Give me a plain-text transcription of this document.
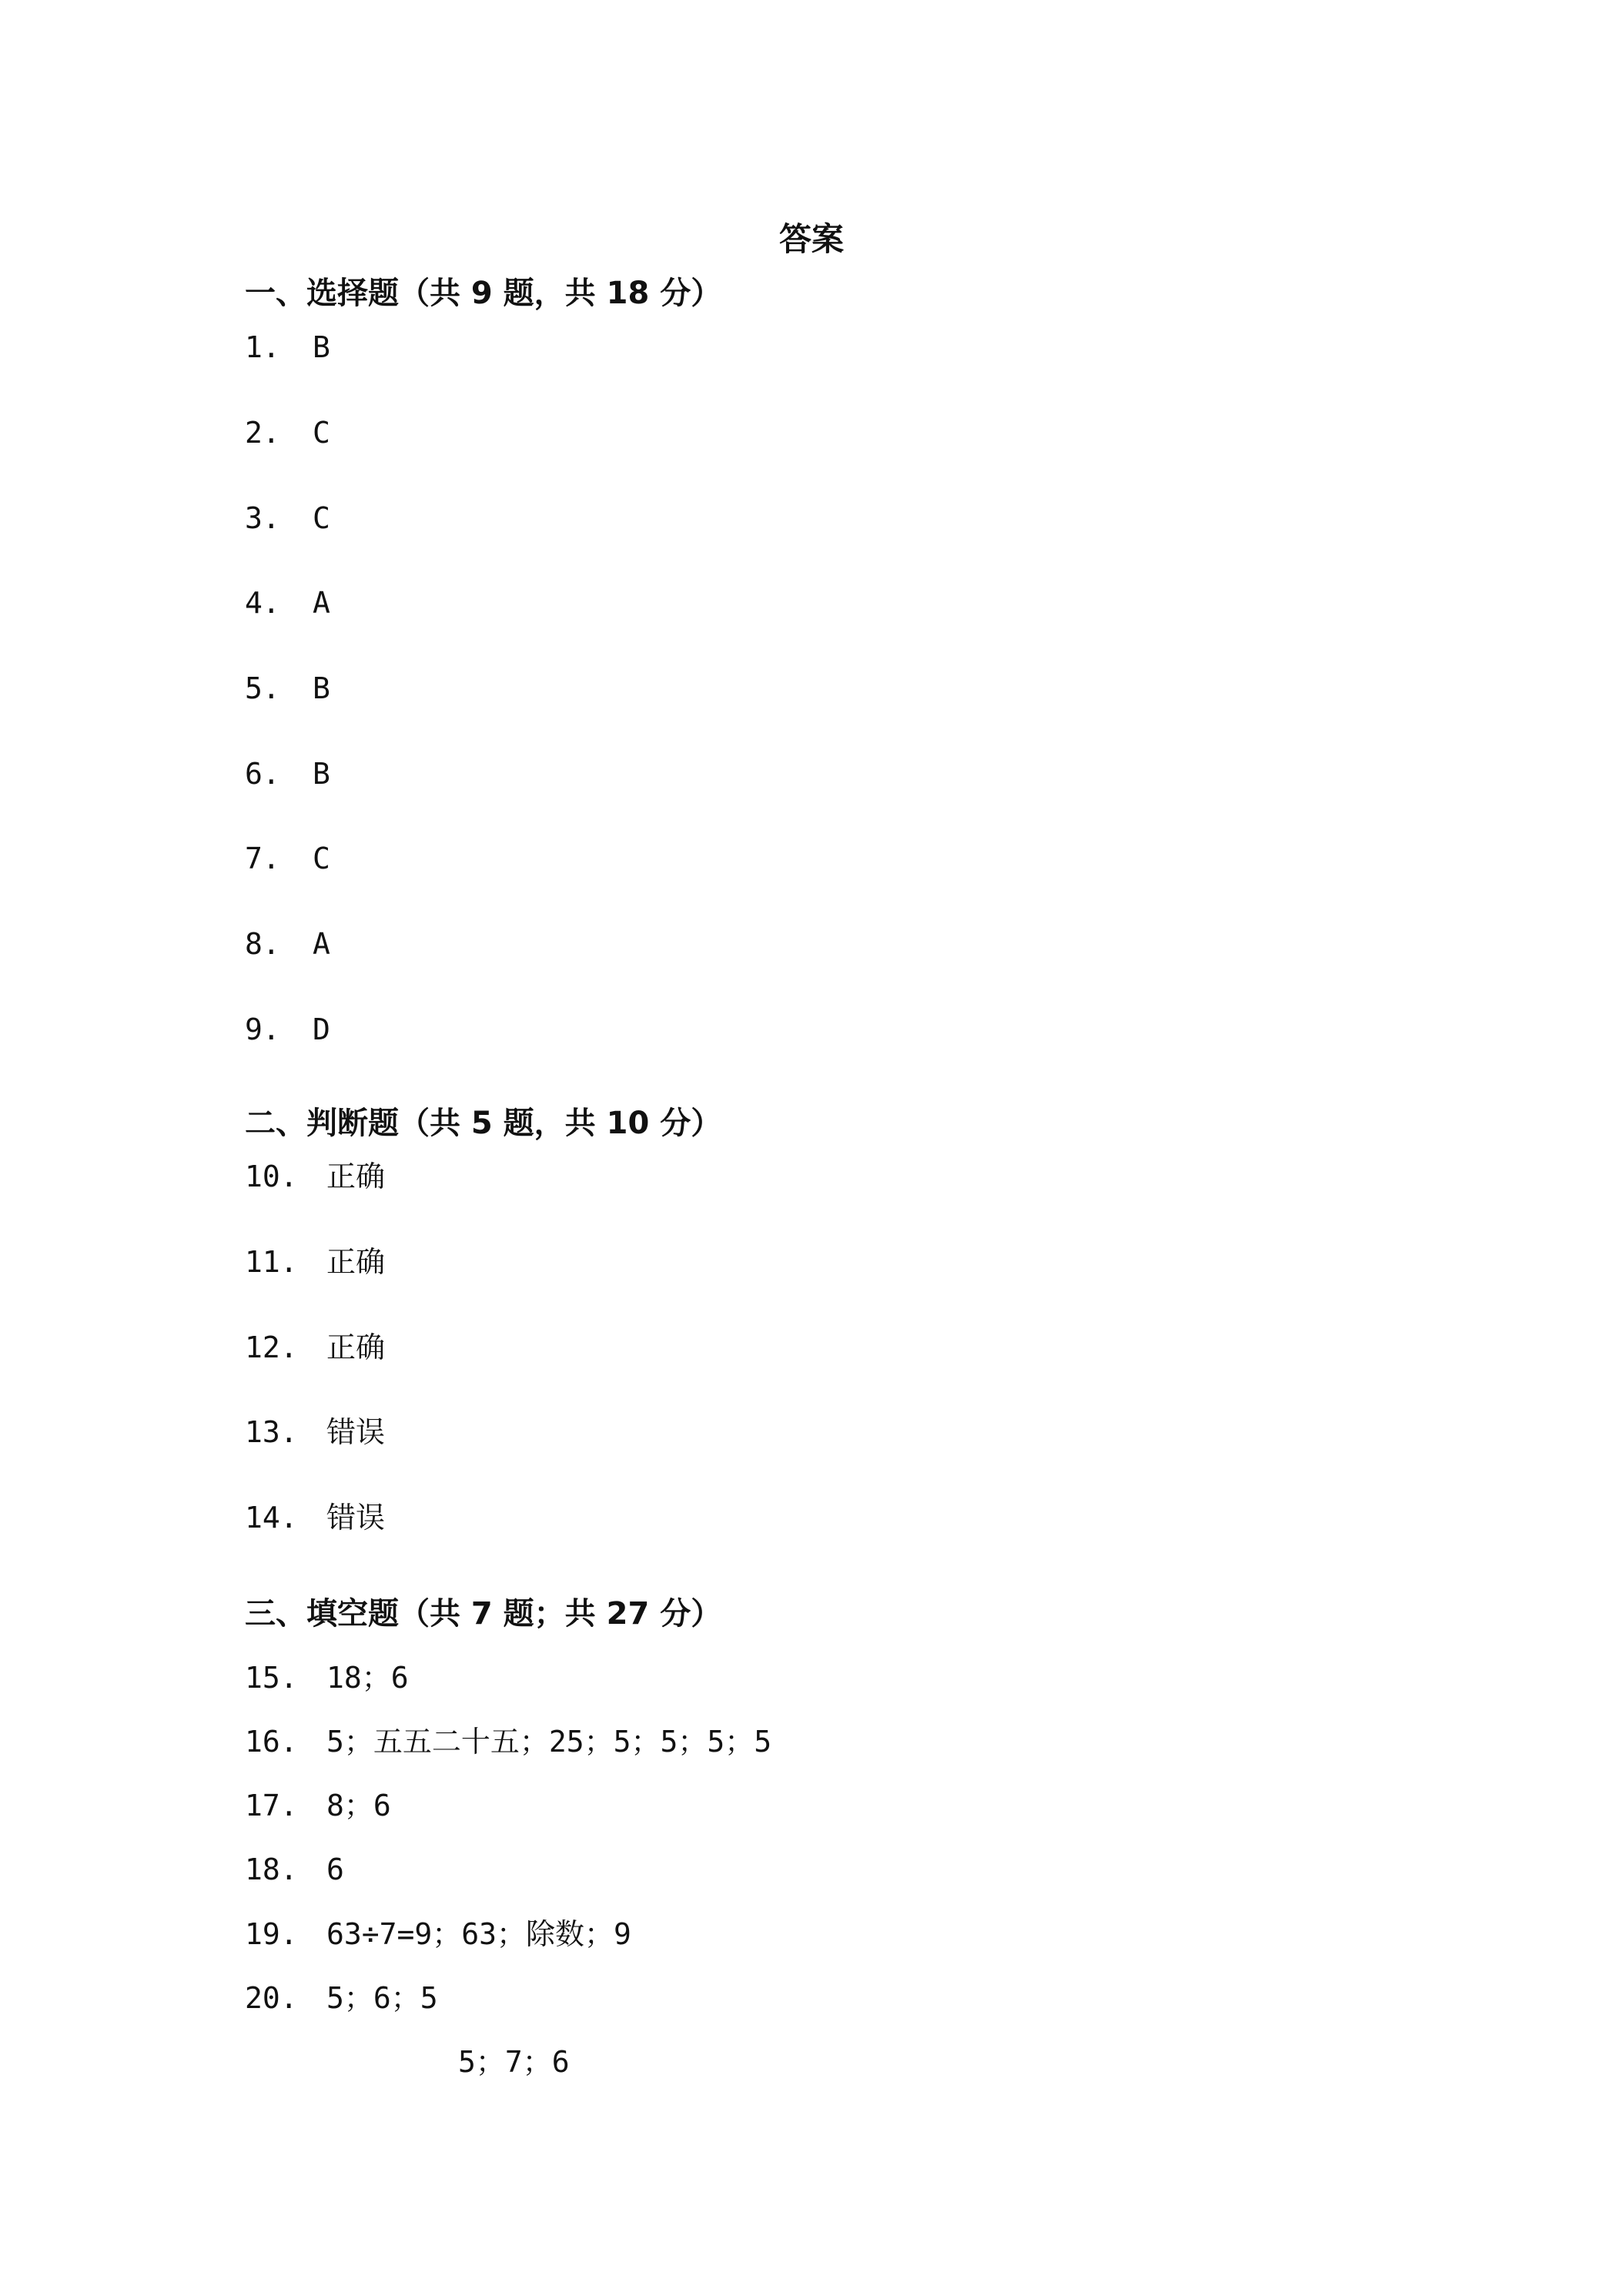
答案
一、选择题（共 9 题，共 18 分）
1. B
2. C
3. C
4. A
5. B
6. B
7. C
8. A
9. D
二、判断题（共 5 题，共 10 分）
10. 正确
11. 正确
12. 正确
13. 错误
14. 错误
三、填空题（共 7 题；共 27 分）
15. 18；6
16. 5；五五二十五；25；5；5；5；5
17. 8；6
18. 6
19. 63÷7=9；63；除数；9
20. 5；6；5
5；7；6
